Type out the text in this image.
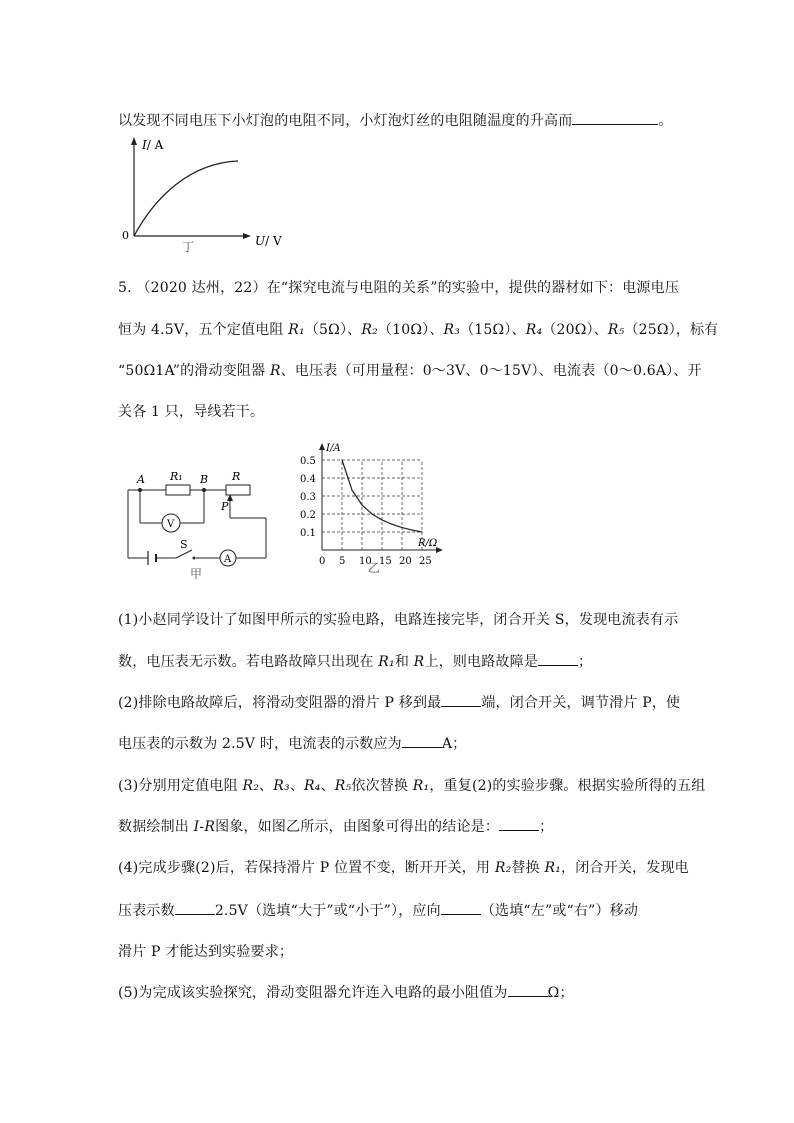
以发现不同电压下小灯泡的电阻不同，小灯泡灯丝的电阻随温度的升高而	。
I/ A
0	U/ V
丁
5. （2020 达州，22）在“探究电流与电阻的关系”的实验中，提供的器材如下：电源电压
恒为 4.5V，五个定值电阻 R₁（5Ω）、R₂（10Ω）、R₃（15Ω）、R₄（20Ω）、R₅（25Ω），标有
“50Ω1A”的滑动变阻器 R、电压表（可用量程：0～3V、0～15V）、电流表（0～0.6A）、开
关各 1 只，导线若干。
V
A
A R₁ B R
P
S
甲
0 5 10 15 20 25
0.1
0.2
0.3
0.4
0.5
I/A
R/Ω
乙
(1)小赵同学设计了如图甲所示的实验电路，电路连接完毕，闭合开关 S，发现电流表有示
数，电压表无示数。若电路故障只出现在 R₁和 R上，则电路故障是	；
(2)排除电路故障后，将滑动变阻器的滑片 P 移到最	端，闭合开关，调节滑片 P，使
电压表的示数为 2.5V 时，电流表的示数应为	A；
(3)分别用定值电阻 R₂、R₃、R₄、R₅依次替换 R₁，重复(2)的实验步骤。根据实验所得的五组
数据绘制出 I-R图象，如图乙所示，由图象可得出的结论是：	；
(4)完成步骤(2)后，若保持滑片 P 位置不变，断开开关，用 R₂替换 R₁，闭合开关，发现电
压表示数	2.5V（选填“大于”或“小于”），应向	（选填“左”或“右”）移动
滑片 P 才能达到实验要求；
(5)为完成该实验探究，滑动变阻器允许连入电路的最小阻值为	Ω；
